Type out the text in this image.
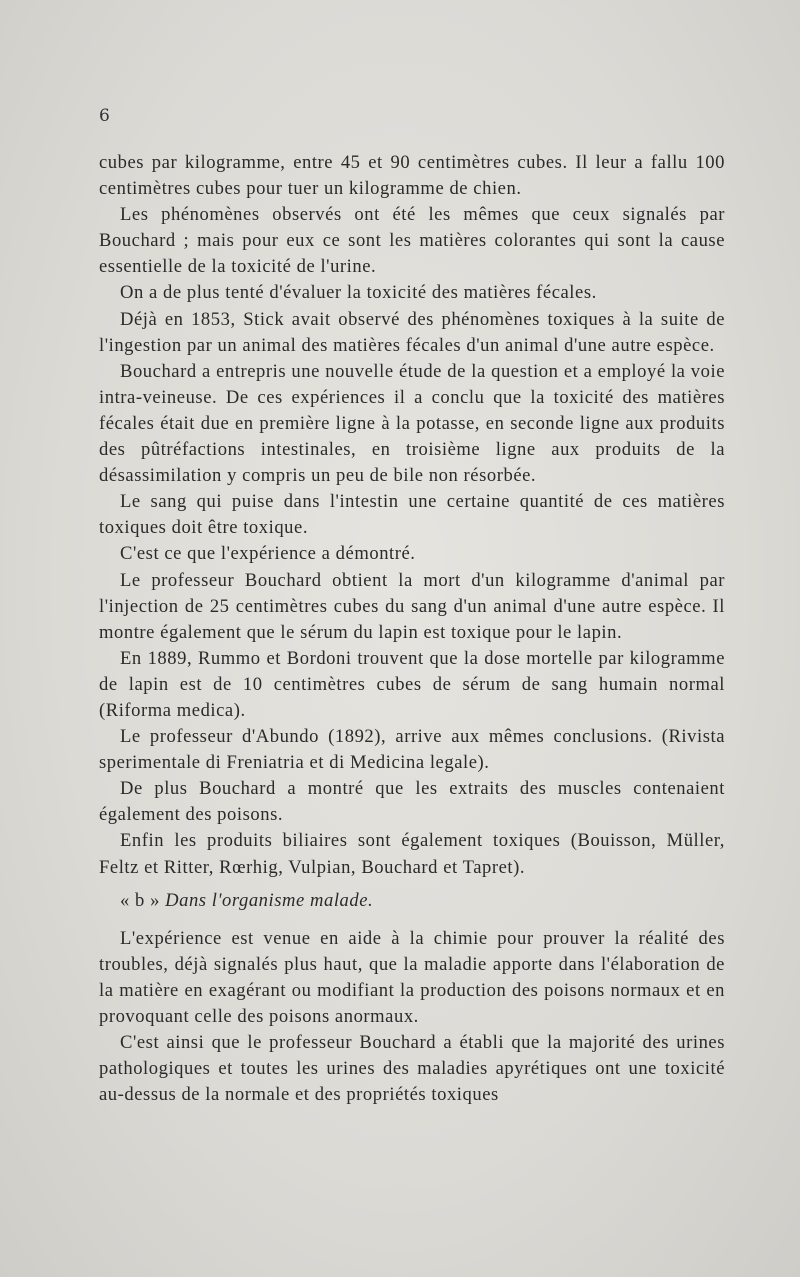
6

cubes par kilogramme, entre 45 et 90 centimètres cubes. Il leur a fallu 100 centimètres cubes pour tuer un kilogramme de chien.

Les phénomènes observés ont été les mêmes que ceux signalés par Bouchard ; mais pour eux ce sont les matières colorantes qui sont la cause essentielle de la toxicité de l'urine.

On a de plus tenté d'évaluer la toxicité des matières fécales.

Déjà en 1853, Stick avait observé des phénomènes toxiques à la suite de l'ingestion par un animal des matières fécales d'un animal d'une autre espèce.

Bouchard a entrepris une nouvelle étude de la question et a employé la voie intra-veineuse. De ces expériences il a conclu que la toxicité des matières fécales était due en première ligne à la potasse, en seconde ligne aux produits des pûtréfactions intestinales, en troisième ligne aux produits de la désassimilation y compris un peu de bile non résorbée.

Le sang qui puise dans l'intestin une certaine quantité de ces matières toxiques doit être toxique.

C'est ce que l'expérience a démontré.

Le professeur Bouchard obtient la mort d'un kilogramme d'animal par l'injection de 25 centimètres cubes du sang d'un animal d'une autre espèce. Il montre également que le sérum du lapin est toxique pour le lapin.

En 1889, Rummo et Bordoni trouvent que la dose mortelle par kilogramme de lapin est de 10 centimètres cubes de sérum de sang humain normal (Riforma medica).

Le professeur d'Abundo (1892), arrive aux mêmes conclusions. (Rivista sperimentale di Freniatria et di Medicina legale).

De plus Bouchard a montré que les extraits des muscles contenaient également des poisons.

Enfin les produits biliaires sont également toxiques (Bouisson, Müller, Feltz et Ritter, Rœrhig, Vulpian, Bouchard et Tapret).

« b » Dans l'organisme malade.

L'expérience est venue en aide à la chimie pour prouver la réalité des troubles, déjà signalés plus haut, que la maladie apporte dans l'élaboration de la matière en exagérant ou modifiant la production des poisons normaux et en provoquant celle des poisons anormaux.

C'est ainsi que le professeur Bouchard a établi que la majorité des urines pathologiques et toutes les urines des maladies apyrétiques ont une toxicité au-dessus de la normale et des propriétés toxiques
